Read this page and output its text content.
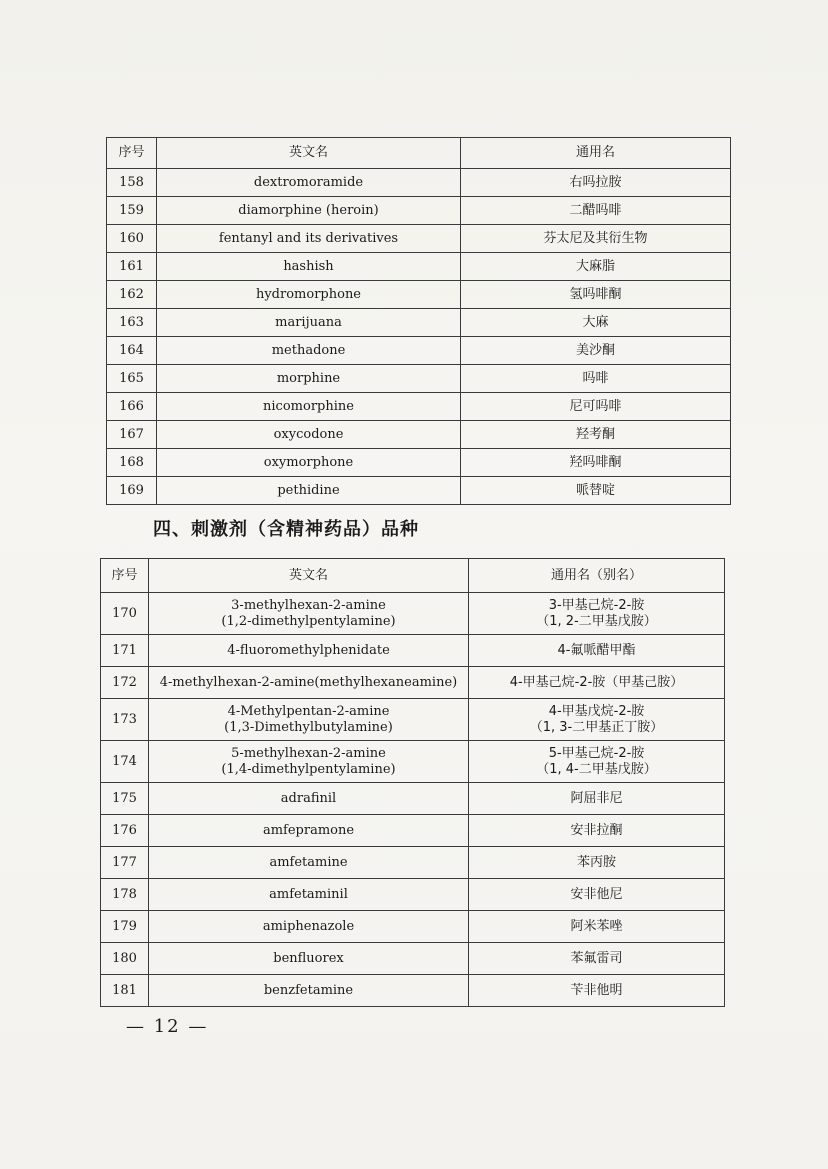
序号	英文名	通用名
158	dextromoramide	右吗拉胺
159	diamorphine (heroin)	二醋吗啡
160	fentanyl and its derivatives	芬太尼及其衍生物
161	hashish	大麻脂
162	hydromorphone	氢吗啡酮
163	marijuana	大麻
164	methadone	美沙酮
165	morphine	吗啡
166	nicomorphine	尼可吗啡
167	oxycodone	羟考酮
168	oxymorphone	羟吗啡酮
169	pethidine	哌替啶
四、刺激剂（含精神药品）品种
序号	英文名	通用名（别名）
170	3-methylhexan-2-amine
(1,2-dimethylpentylamine)	3-甲基己烷-2-胺
（1, 2-二甲基戊胺）

171	4-fluoromethylphenidate	4-氟哌醋甲酯

172	4-methylhexan-2-amine(methylhexaneamine)	4-甲基己烷-2-胺（甲基己胺）

173	4-Methylpentan-2-amine
(1,3-Dimethylbutylamine)	4-甲基戊烷-2-胺
（1, 3-二甲基正丁胺）

174	5-methylhexan-2-amine
(1,4-dimethylpentylamine)	5-甲基己烷-2-胺
（1, 4-二甲基戊胺）

175	adrafinil	阿屈非尼

176	amfepramone	安非拉酮

177	amfetamine	苯丙胺

178	amfetaminil	安非他尼

179	amiphenazole	阿米苯唑

180	benfluorex	苯氟雷司

181	benzfetamine	苄非他明
— 12 —
